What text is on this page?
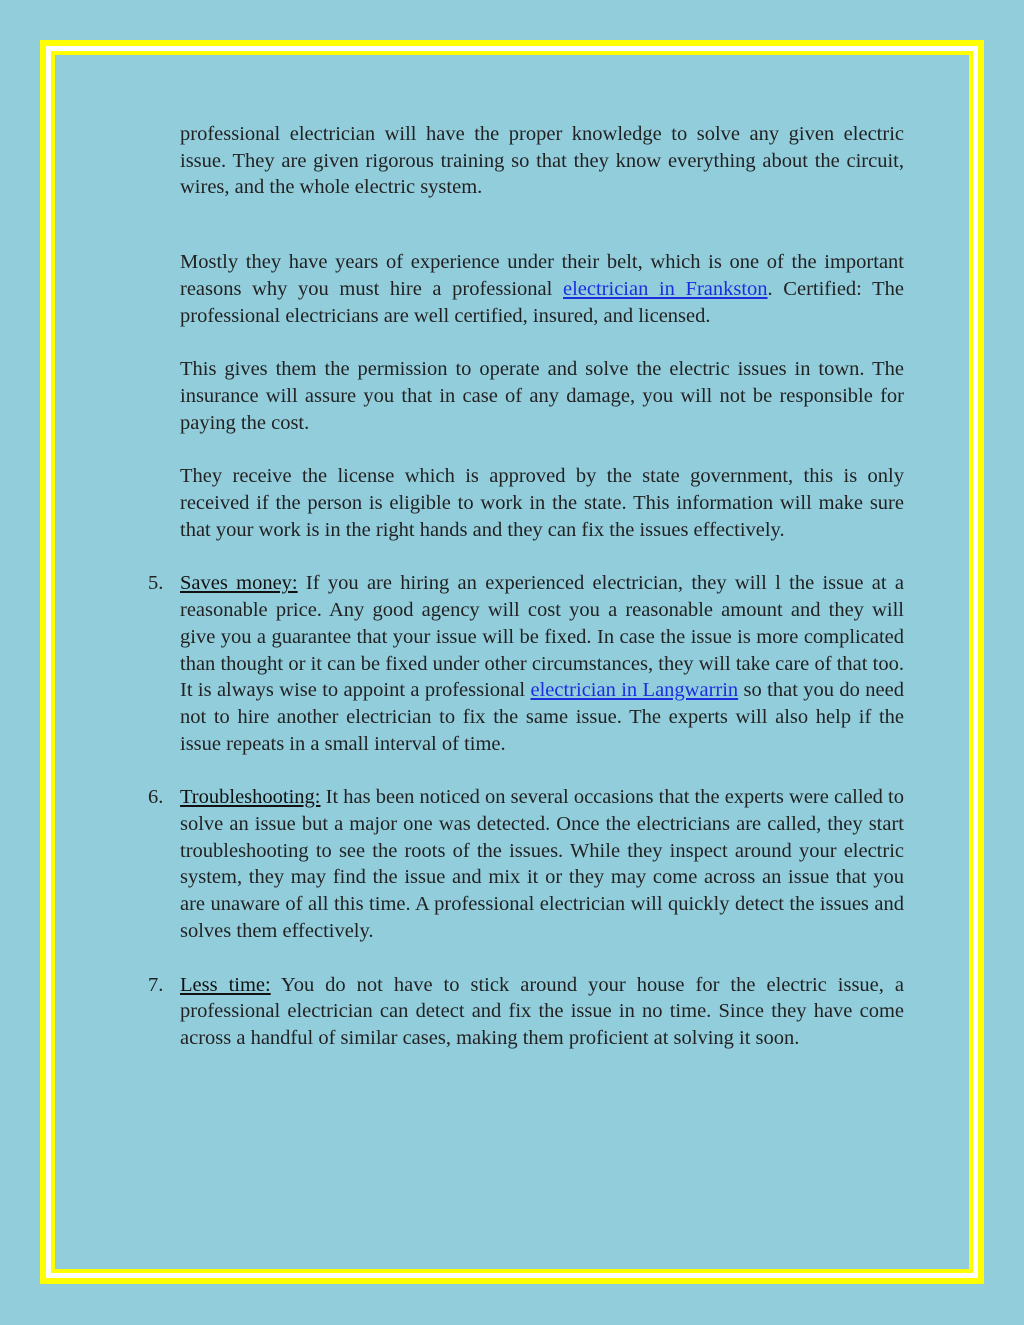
professional electrician will have the proper knowledge to solve any given electric issue. They are given rigorous training so that they know everything about the circuit, wires, and the whole electric system.

Mostly they have years of experience under their belt, which is one of the important reasons why you must hire a professional electrician in Frankston. Certified: The professional electricians are well certified, insured, and licensed.

This gives them the permission to operate and solve the electric issues in town. The insurance will assure you that in case of any damage, you will not be responsible for paying the cost.

They receive the license which is approved by the state government, this is only received if the person is eligible to work in the state. This information will make sure that your work is in the right hands and they can fix the issues effectively.

5. Saves money: If you are hiring an experienced electrician, they will l the issue at a reasonable price. Any good agency will cost you a reasonable amount and they will give you a guarantee that your issue will be fixed. In case the issue is more complicated than thought or it can be fixed under other circumstances, they will take care of that too. It is always wise to appoint a professional electrician in Langwarrin so that you do need not to hire another electrician to fix the same issue. The experts will also help if the issue repeats in a small interval of time.
6. Troubleshooting: It has been noticed on several occasions that the experts were called to solve an issue but a major one was detected. Once the electricians are called, they start troubleshooting to see the roots of the issues. While they inspect around your electric system, they may find the issue and mix it or they may come across an issue that you are unaware of all this time. A professional electrician will quickly detect the issues and solves them effectively.
7. Less time: You do not have to stick around your house for the electric issue, a professional electrician can detect and fix the issue in no time. Since they have come across a handful of similar cases, making them proficient at solving it soon.
